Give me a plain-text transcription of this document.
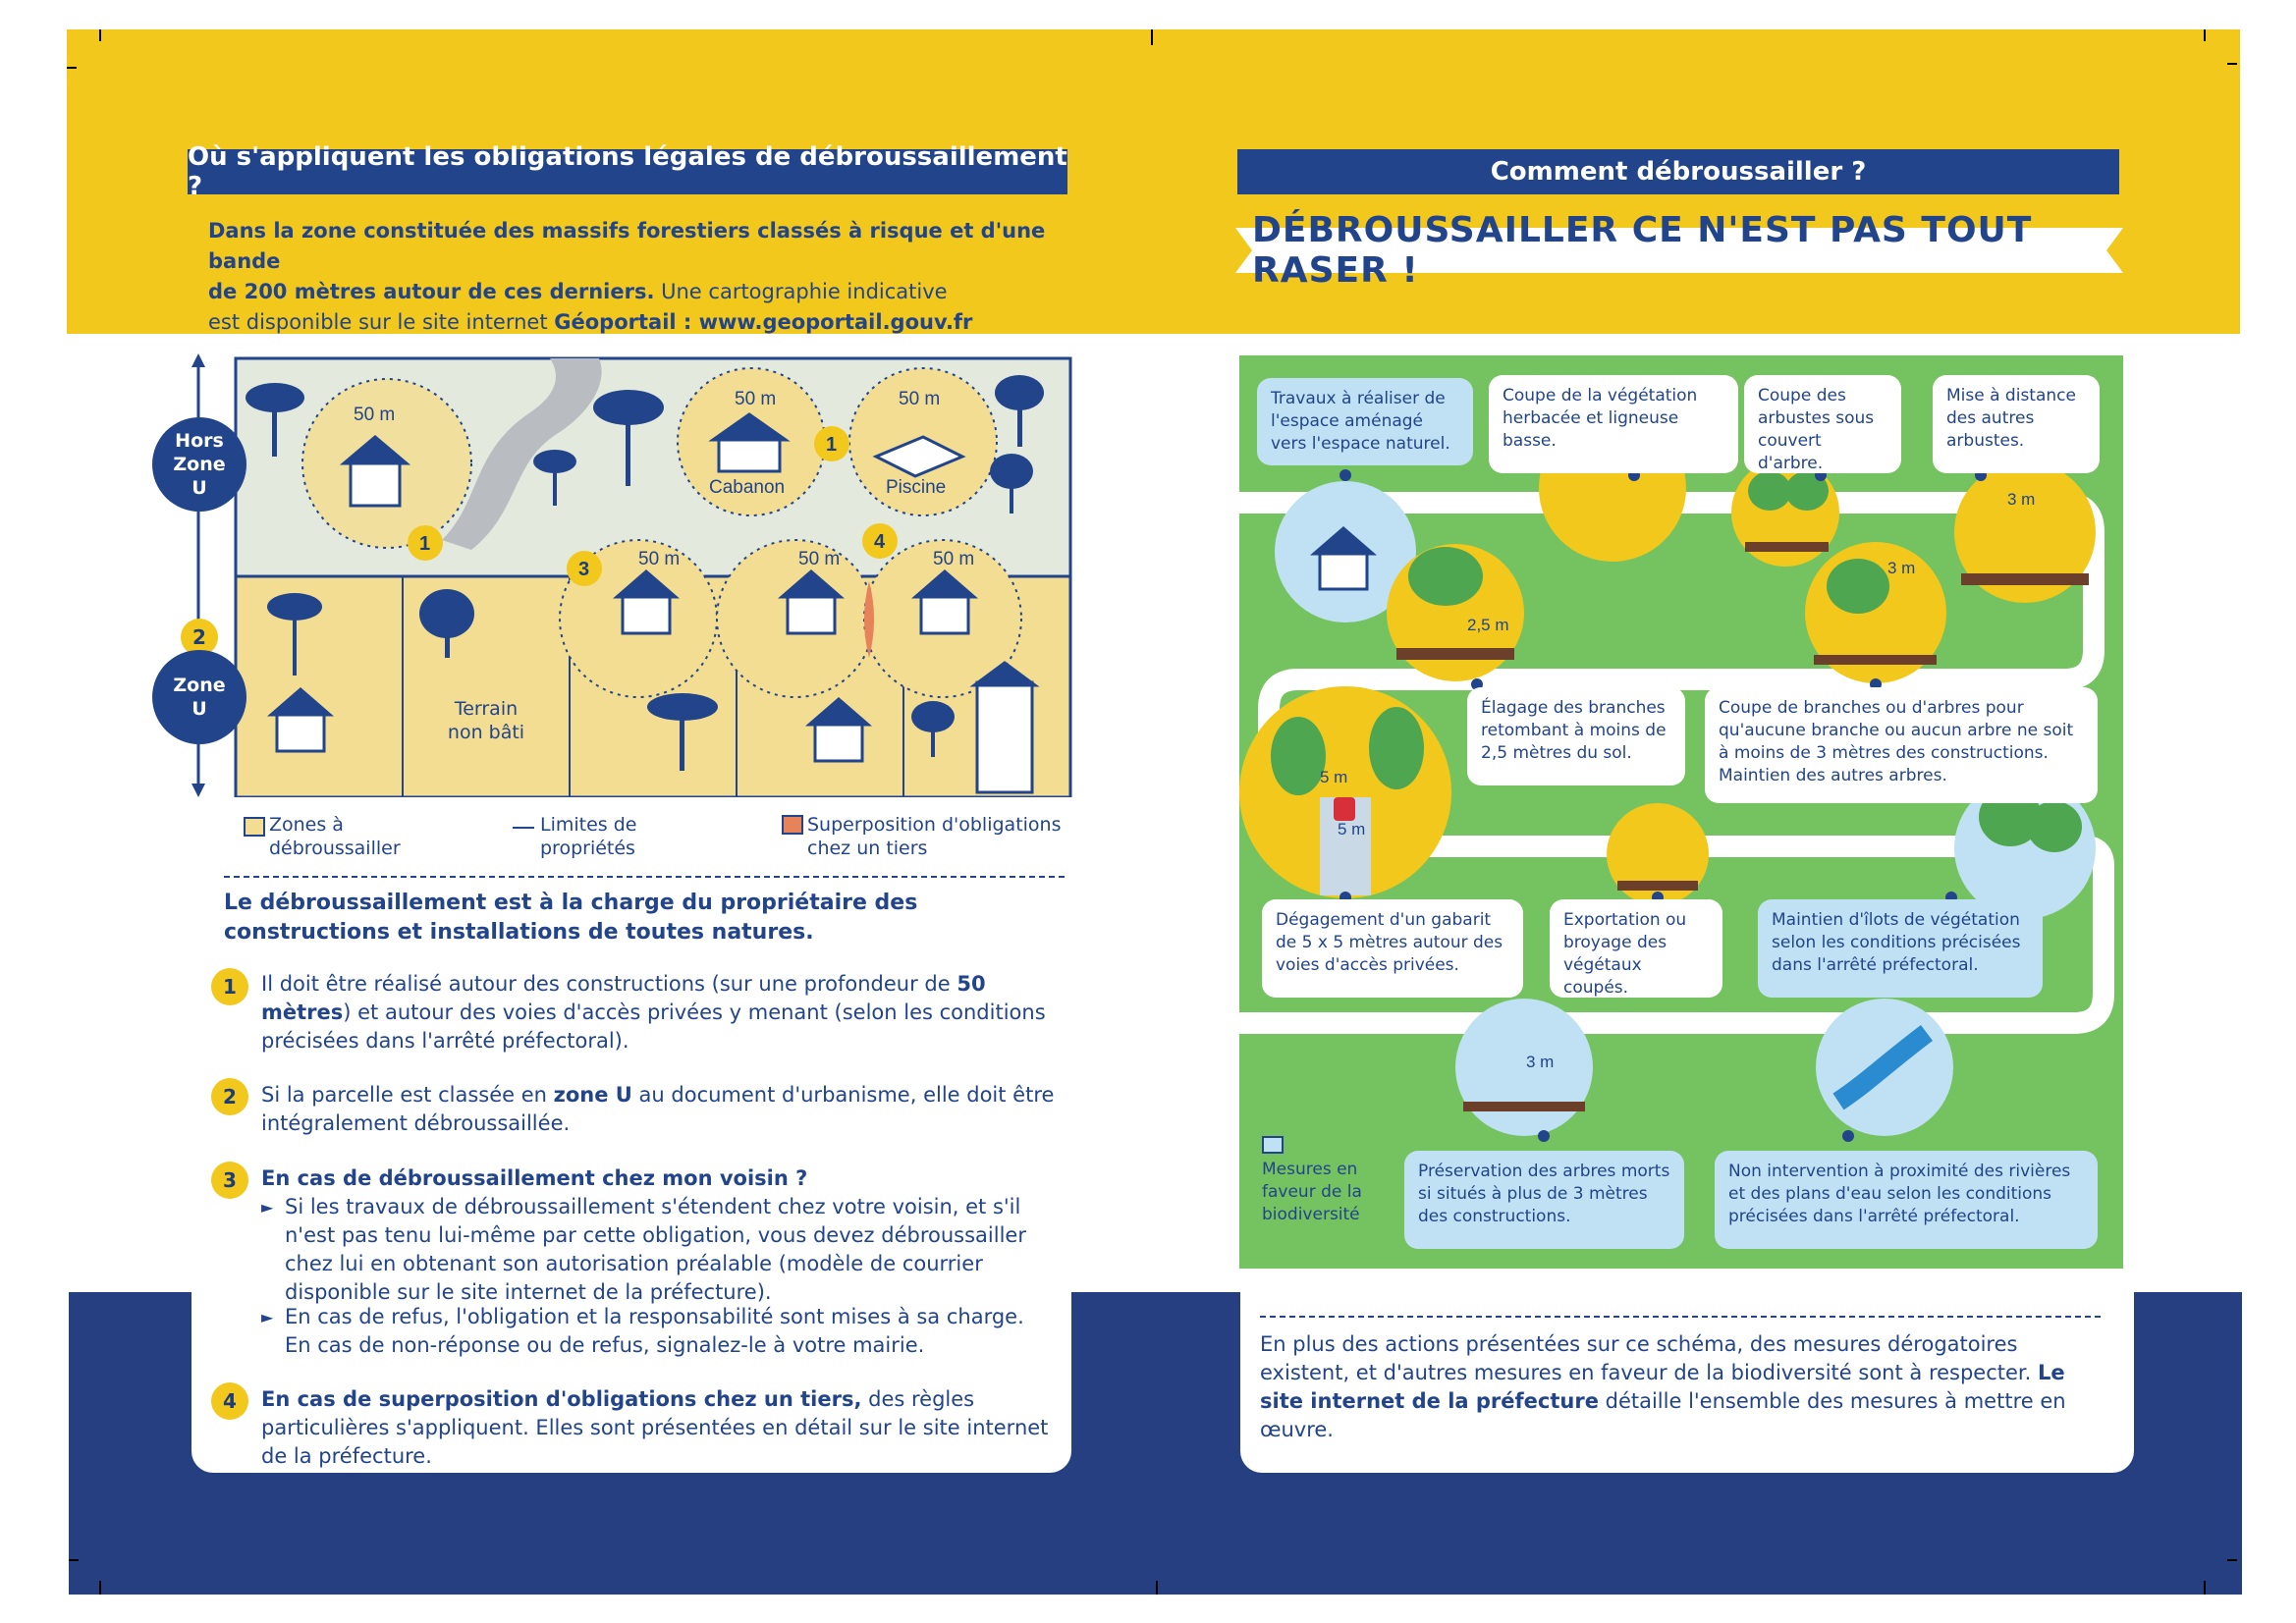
Où s'appliquent les obligations légales de débroussaillement ?
Dans la zone constituée des massifs forestiers classés à risque et d'une bande
de 200 mètres autour de ces derniers. Une cartographie indicative
est disponible sur le site internet Géoportail : www.geoportail.gouv.fr
50 m
50 m	50 m
50 m	50 m	50 m
Cabanon	Piscine
1
1
3
4
Hors Zone U
2
Zone U	Terrain non bâti
Zones à débroussailler
Limites de propriétés
Superposition d'obligations chez un tiers
Le débroussaillement est à la charge du propriétaire des constructions et installations de toutes natures.
1	Il doit être réalisé autour des constructions (sur une profondeur de 50 mètres) et autour des voies d'accès privées y menant (selon les conditions précisées dans l'arrêté préfectoral).
2	Si la parcelle est classée en zone U au document d'urbanisme, elle doit être intégralement débroussaillée.
3	En cas de débroussaillement chez mon voisin ?
► Si les travaux de débroussaillement s'étendent chez votre voisin, et s'il n'est pas tenu lui-même par cette obligation, vous devez débroussailler chez lui en obtenant son autorisation préalable (modèle de courrier disponible sur le site internet de la préfecture).
► En cas de refus, l'obligation et la responsabilité sont mises à sa charge. En cas de non-réponse ou de refus, signalez-le à votre mairie.
4	En cas de superposition d'obligations chez un tiers, des règles particulières s'appliquent. Elles sont présentées en détail sur le site internet de la préfecture.
Comment débroussailler ?
DÉBROUSSAILLER CE N'EST PAS TOUT RASER !
3 m
3 m
2,5 m
5 m
5 m
3 m
Travaux à réaliser de l'espace aménagé vers l'espace naturel.
Coupe de la végétation herbacée et ligneuse basse.
Coupe des arbustes sous couvert d'arbre.
Mise à distance des autres arbustes.
Élagage des branches retombant à moins de 2,5 mètres du sol.
Coupe de branches ou d'arbres pour qu'aucune branche ou aucun arbre ne soit à moins de 3 mètres des constructions. Maintien des autres arbres.
Dégagement d'un gabarit de 5 x 5 mètres autour des voies d'accès privées.
Exportation ou broyage des végétaux coupés.
Maintien d'îlots de végétation selon les conditions précisées dans l'arrêté préfectoral.
Mesures en faveur de la biodiversité
Préservation des arbres morts si situés à plus de 3 mètres des constructions.
Non intervention à proximité des rivières et des plans d'eau selon les conditions précisées dans l'arrêté préfectoral.
En plus des actions présentées sur ce schéma, des mesures dérogatoires existent, et d'autres mesures en faveur de la biodiversité sont à respecter. Le site internet de la préfecture détaille l'ensemble des mesures à mettre en œuvre.
